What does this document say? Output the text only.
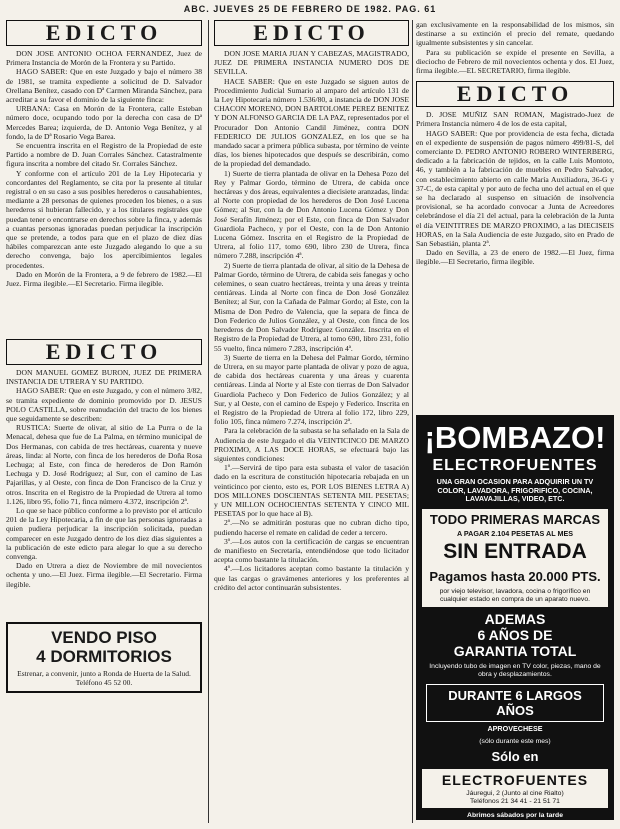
ABC. JUEVES 25 DE FEBRERO DE 1982. PAG. 61
EDICTO

DON JOSE ANTONIO OCHOA FERNANDEZ, Juez de Primera Instancia de Morón de la Frontera y su Partido.

HAGO SABER: Que en este Juzgado y bajo el número 38 de 1981, se tramita expediente a solicitud de D. Salvador Orellana Benítez, casado con Dª Carmen Miranda Sánchez, para acreditar a su favor el dominio de la siguiente finca:

URBANA: Casa en Morón de la Frontera, calle Esteban número doce, ocupando todo por la derecha con casa de Dª Mercedes Barea; izquierda, de D. Antonio Vega Benítez, y al fondo, la de Dª Rosario Vega Barea.

Se encuentra inscrita en el Registro de la Propiedad de este Partido a nombre de D. Juan Corrales Sánchez. Catastralmente figura inscrita a nombre del citado Sr. Corrales Sánchez.

Y conforme con el artículo 201 de la Ley Hipotecaria y concordantes del Reglamento, se cita por la presente al titular registral o en su caso a sus posibles herederos o causahabientes, mediante a 28 personas de quienes proceden los bienes, o a sus herederos si hubieran fallecido, y a los titulares registrales que puedan tener o encontrarse en derechos sobre la finca, y además a cuantas personas ignoradas puedan perjudicar la inscripción que se pretende, a todos para que en el plazo de diez días hábiles comparezcan ante este Juzgado alegando lo que a su derecho convenga, bajo los apercibimientos legales procedentes.

Dado en Morón de la Frontera, a 9 de febrero de 1982.—El Juez. Firma ilegible.—El Secretario. Firma ilegible.

EDICTO

DON MANUEL GOMEZ BURON, JUEZ DE PRIMERA INSTANCIA DE UTRERA Y SU PARTIDO.

HAGO SABER: Que en este Juzgado, y con el número 3/82, se tramita expediente de dominio promovido por D. JESUS POLO CASTILLA, sobre reanudación del tracto de los bienes que seguidamente se describen:

RUSTICA: Suerte de olivar, al sitio de La Purra o de la Menacal, dehesa que fue de La Palma, en término municipal de Dos Hermanas, con cabida de tres hectáreas, cuarenta y nueve áreas, linda: al Norte, con finca de los herederos de Doña Rosa Lechuga; al Este, con finca de herederos de Don Ramón Lechuga y D. José Rodríguez; al Sur, con el camino de Las Pajarillas, y al Oeste, con finca de Don Francisco de la Cruz y otros. Inscrita en el Registro de la Propiedad de Utrera al tomo 1.126, libro 95, folio 71, finca número 4.372, inscripción 2ª.

Lo que se hace público conforme a lo previsto por el artículo 201 de la Ley Hipotecaria, a fin de que las personas ignoradas a quien pudiera perjudicar la inscripción solicitada, puedan comparecer en este Juzgado dentro de los diez días siguientes a la publicación de este edicto para alegar lo que a su derecho convenga.

Dado en Utrera a diez de Noviembre de mil novecientos ochenta y uno.—El Juez. Firma ilegible.—El Secretario. Firma ilegible.

VENDO PISO
4 DORMITORIOS
Estrenar, a convenir, junto a Ronda de Huerta de la Salud. Teléfono 45 52 00.
EDICTO

DON JOSE MARIA JUAN Y CABEZAS, MAGISTRADO, JUEZ DE PRIMERA INSTANCIA NUMERO DOS DE SEVILLA.

HACE SABER: Que en este Juzgado se siguen autos de Procedimiento Judicial Sumario al amparo del artículo 131 de la Ley Hipotecaria número 1.536/80, a instancia de DON JOSE CHACON MORENO, DON BARTOLOME PEREZ BENITEZ Y DON ALFONSO GARCIA DE LA PAZ, representados por el Procurador Don Antonio Candil Jiménez, contra DON FEDERICO DE JULIOS GONZALEZ, en los que se ha mandado sacar a primera pública subasta, por término de veinte días, los bienes hipotecados que después se describirán, como de la propiedad del demandado.

1) Suerte de tierra plantada de olivar en la Dehesa Pozo del Rey y Palmar Gordo, término de Utrera, de cabida once hectáreas y dos áreas, equivalentes a diecisiete aranzadas, linda: al Norte con propiedad de los herederos de Don José Lucena Gómez; al Sur, con la de Don Antonio Lucena Gómez y Don José Serafín Jiménez; por el Este, con finca de Don Salvador Guardiola Pacheco, y por el Oeste, con la de Don Antonio Lucena Gómez. Inscrita en el Registro de la Propiedad de Utrera, al folio 117, tomo 690, libro 230 de Utrera, finca número 7.288, inscripción 4ª.

2) Suerte de tierra plantada de olivar, al sitio de la Dehesa de Palmar Gordo, término de Utrera, de cabida seis fanegas y ocho celemines, o sean cuatro hectáreas, treinta y una áreas y treinta centiáreas. Linda al Norte con finca de Don José González Benítez; al Sur, con la Cañada de Palmar Gordo; al Este, con la Misma de Don Pedro de Valencia, que la separa de finca de Don Federico de Julios González, y al Oeste, con finca de los herederos de Don Salvador Rodríguez González. Inscrita en el Registro de la Propiedad de Utrera, al tomo 690, libro 231, folio 55 vuelto, finca número 7.283, inscripción 4ª.

3) Suerte de tierra en la Dehesa del Palmar Gordo, término de Utrera, en su mayor parte plantada de olivar y pozo de agua, de cabida dos hectáreas cuarenta y una áreas y cuarenta centiáreas. Linda al Norte y al Este con tierras de Don Salvador Guardiola Pacheco y Don Federico de Julios González; y al Sur, y al Oeste, con el camino de Espejo y Federico. Inscrita en el Registro de la Propiedad de Utrera al folio 172, libro 229, folio 105, finca número 7.274, inscripción 2ª.

Para la celebración de la subasta se ha señalado en la Sala de Audiencia de este Juzgado el día VEINTICINCO DE MARZO PROXIMO, A LAS DOCE HORAS, se efectuará bajo las siguientes condiciones:

1º.—Servirá de tipo para esta subasta el valor de tasación dado en la escritura de constitución hipotecaria rebajada en un veinticinco por ciento, esto es, POR LOS BIENES LETRA A) DOS MILLONES DOSCIENTAS SETENTA MIL PESETAS; y UN MILLON OCHOCIENTAS SETENTA Y CINCO MIL PESETAS por lo que hace al B).

2º.—No se admitirán posturas que no cubran dicho tipo, pudiendo hacerse el remate en calidad de ceder a tercero.

3º.—Los autos con la certificación de cargas se encuentran de manifiesto en Secretaría, entendiéndose que todo licitador acepta como bastante la titulación.

4º.—Los licitadores aceptan como bastante la titulación y que las cargas o gravámenes anteriores y los preferentes al crédito del actor continuarán subsistentes.

gan exclusivamente en la responsabilidad de los mismos, sin destinarse a su extinción el precio del remate, quedando igualmente subsistentes y sin cancelar.

Para su publicación se expide el presente en Sevilla, a dieciocho de Febrero de mil novecientos ochenta y dos. El Juez, firma ilegible.—EL SECRETARIO, firma ilegible.

EDICTO

D. JOSE MUÑIZ SAN ROMAN, Magistrado-Juez de Primera Instancia número 4 de los de esta capital,

HAGO SABER: Que por providencia de esta fecha, dictada en el expediente de suspensión de pagos número 499/81-S, del comerciante D. PEDRO ANTONIO ROBERO WINTERBERG, dedicado a la fabricación de tejidos, en la calle Luis Montoto, 46, y también a la fabricación de muebles en Pedro Salvador, con establecimiento abierto en calle María Auxiliadora, 36-G y 37-C, de esta capital y por auto de fecha uno del actual en el que se ha declarado al suspenso en situación de insolvencia provisional, se ha acordado convocar a Junta de Acreedores celebrándose el día 21 del actual, para la celebración de la Junta el día VEINTITRES DE MARZO PROXIMO, a las DIECISEIS HORAS, en la Sala Audiencia de este Juzgado, sito en Prado de San Sebastián, planta 2ª.

Dado en Sevilla, a 23 de enero de 1982.—El Juez, firma ilegible.—El Secretario, firma ilegible.

¡BOMBAZO!
ELECTROFUENTES
UNA GRAN OCASION PARA ADQUIRIR UN TV COLOR, LAVADORA, FRIGORIFICO, COCINA, LAVAVAJILLAS, VIDEO, ETC.
TODO PRIMERAS MARCAS
A PAGAR 2.104 PESETAS AL MES
SIN ENTRADA
Pagamos hasta 20.000 PTS.
por viejo televisor, lavadora, cocina o frigorífico en cualquier estado en compra de un aparato nuevo.
ADEMAS
6 AÑOS DE
GARANTIA TOTAL
Incluyendo tubo de imagen en TV color, piezas, mano de obra y desplazamientos.
DURANTE 6 LARGOS AÑOS
APROVECHESE
(sólo durante este mes)
Sólo en
ELECTROFUENTES
Jáuregui, 2 (Junto al cine Rialto)
Teléfonos 21 34 41 - 21 51 71
Abrimos sábados por la tarde
